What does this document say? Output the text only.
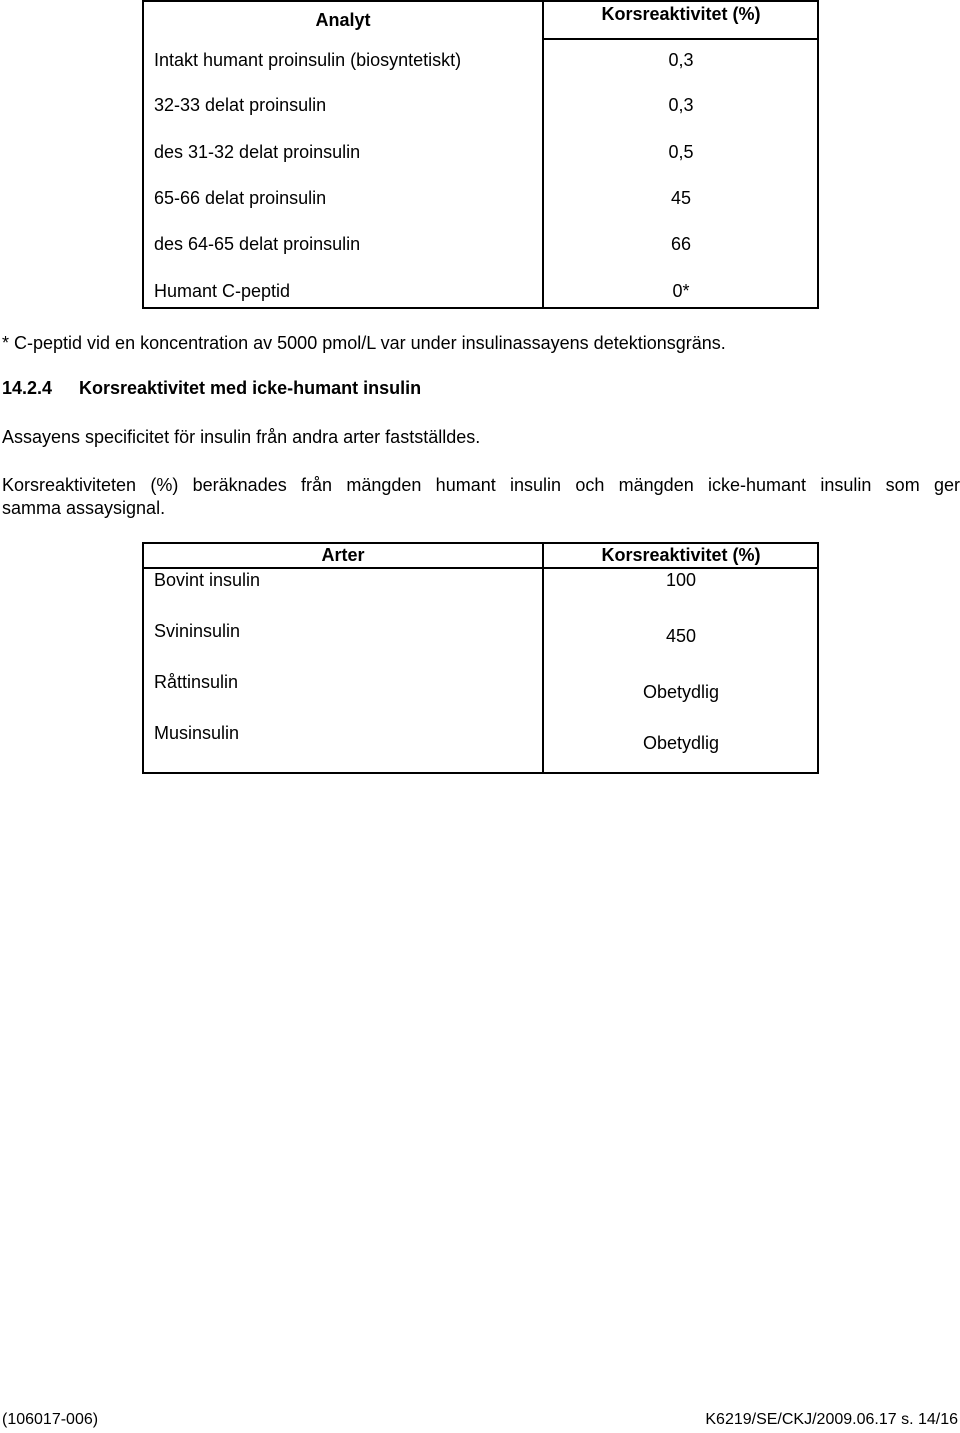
Analyt	Korsreaktivitet (%)
Intakt humant proinsulin (biosyntetiskt)	0,3
32-33 delat proinsulin	0,3
des 31-32 delat proinsulin	0,5
65-66 delat proinsulin	45
des 64-65 delat proinsulin	66
Humant C-peptid	0*
* C-peptid vid en koncentration av 5000 pmol/L var under insulinassayens detektionsgräns.
14.2.4 Korsreaktivitet med icke-humant insulin
Assayens specificitet för insulin från andra arter fastställdes.
Korsreaktiviteten (%) beräknades från mängden humant insulin och mängden icke-humant insulin som ger
samma assaysignal.
Arter	Korsreaktivitet (%)
Bovint insulin	100
Svininsulin	450
Råttinsulin	Obetydlig
Musinsulin	Obetydlig
(106017-006)	K6219/SE/CKJ/2009.06.17 s. 14/16
